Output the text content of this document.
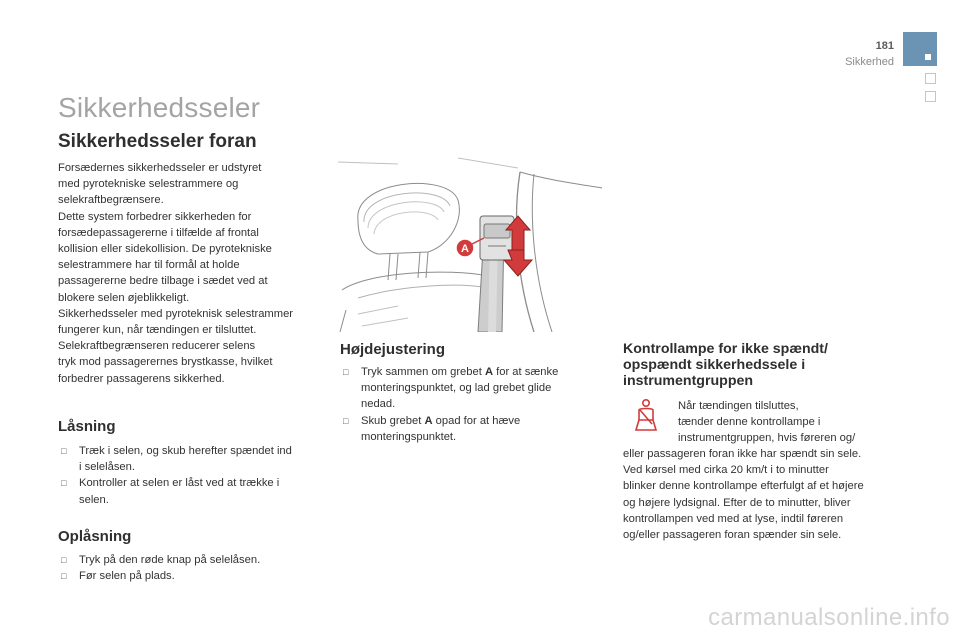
181
Sikkerhed
Sikkerhedsseler
Sikkerhedsseler foran
Forsædernes sikkerhedsseler er udstyret
med pyrotekniske selestrammere og
selekraftbegrænsere.
Dette system forbedrer sikkerheden for
forsædepassagererne i tilfælde af frontal
kollision eller sidekollision. De pyrotekniske
selestrammere har til formål at holde
passagererne bedre tilbage i sædet ved at
blokere selen øjeblikkeligt.
Sikkerhedsseler med pyroteknisk selestrammer
fungerer kun, når tændingen er tilsluttet.
Selekraftbegrænseren reducerer selens
tryk mod passagerernes brystkasse, hvilket
forbedrer passagerens sikkerhed.
Låsning
□ Træk i selen, og skub herefter spændet ind
i selelåsen.
□ Kontroller at selen er låst ved at trække i
selen.
Oplåsning
□ Tryk på den røde knap på selelåsen.
□ Før selen på plads.
A
Højdejustering
□ Tryk sammen om grebet A for at sænke
monteringspunktet, og lad grebet glide
nedad.
□ Skub grebet A opad for at hæve
monteringspunktet.
Kontrollampe for ikke spændt/
opspændt sikkerhedssele i
instrumentgruppen
Når tændingen tilsluttes,
tænder denne kontrollampe i
instrumentgruppen, hvis føreren og/
eller passageren foran ikke har spændt sin sele.
Ved kørsel med cirka 20 km/t i to minutter
blinker denne kontrollampe efterfulgt af et højere
og højere lydsignal. Efter de to minutter, bliver
kontrollampen ved med at lyse, indtil føreren
og/eller passageren foran spænder sin sele.
carmanualsonline.info
